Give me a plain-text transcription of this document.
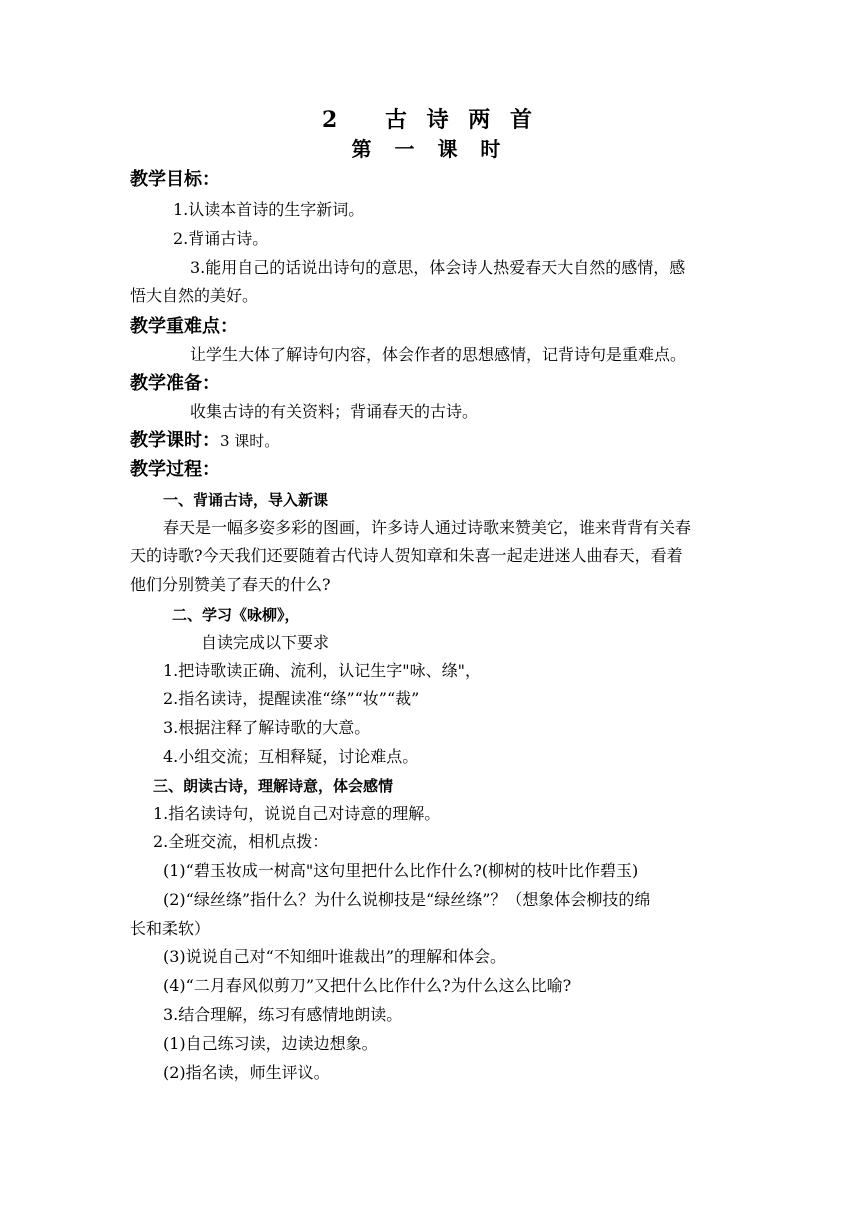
2　 古 诗 两 首
第 一 课 时
教学目标：
1.认读本首诗的生字新词。
2.背诵古诗。
3.能用自己的话说出诗句的意思，体会诗人热爱春天大自然的感情，感
悟大自然的美好。
教学重难点：
让学生大体了解诗句内容，体会作者的思想感情，记背诗句是重难点。
教学准备：
收集古诗的有关资料；背诵春天的古诗。
教学课时：3 课时。
教学过程：
一、背诵古诗，导入新课
春天是一幅多姿多彩的图画，许多诗人通过诗歌来赞美它，谁来背背有关春
天的诗歌?今天我们还要随着古代诗人贺知章和朱喜一起走进迷人曲春天，看着
他们分别赞美了春天的什么?
二、学习《咏柳》，
自读完成以下要求
1.把诗歌读正确、流利，认记生字"咏、绦"，
2.指名读诗，提醒读准“绦”“妆”“裁”
3.根据注释了解诗歌的大意。
4.小组交流；互相释疑，讨论难点。
三、朗读古诗，理解诗意，体会感情
1.指名读诗句，说说自己对诗意的理解。
2.全班交流，相机点拨：
(1)“碧玉妆成一树高"这句里把什么比作什么?(柳树的枝叶比作碧玉)
(2)“绿丝绦”指什么？为什么说柳技是“绿丝绦”？（想象体会柳技的绵
长和柔软）
(3)说说自己对“不知细叶谁裁出”的理解和体会。
(4)“二月春风似剪刀”又把什么比作什么?为什么这么比喻?
3.结合理解，练习有感情地朗读。
(1)自己练习读，边读边想象。
(2)指名读，师生评议。
